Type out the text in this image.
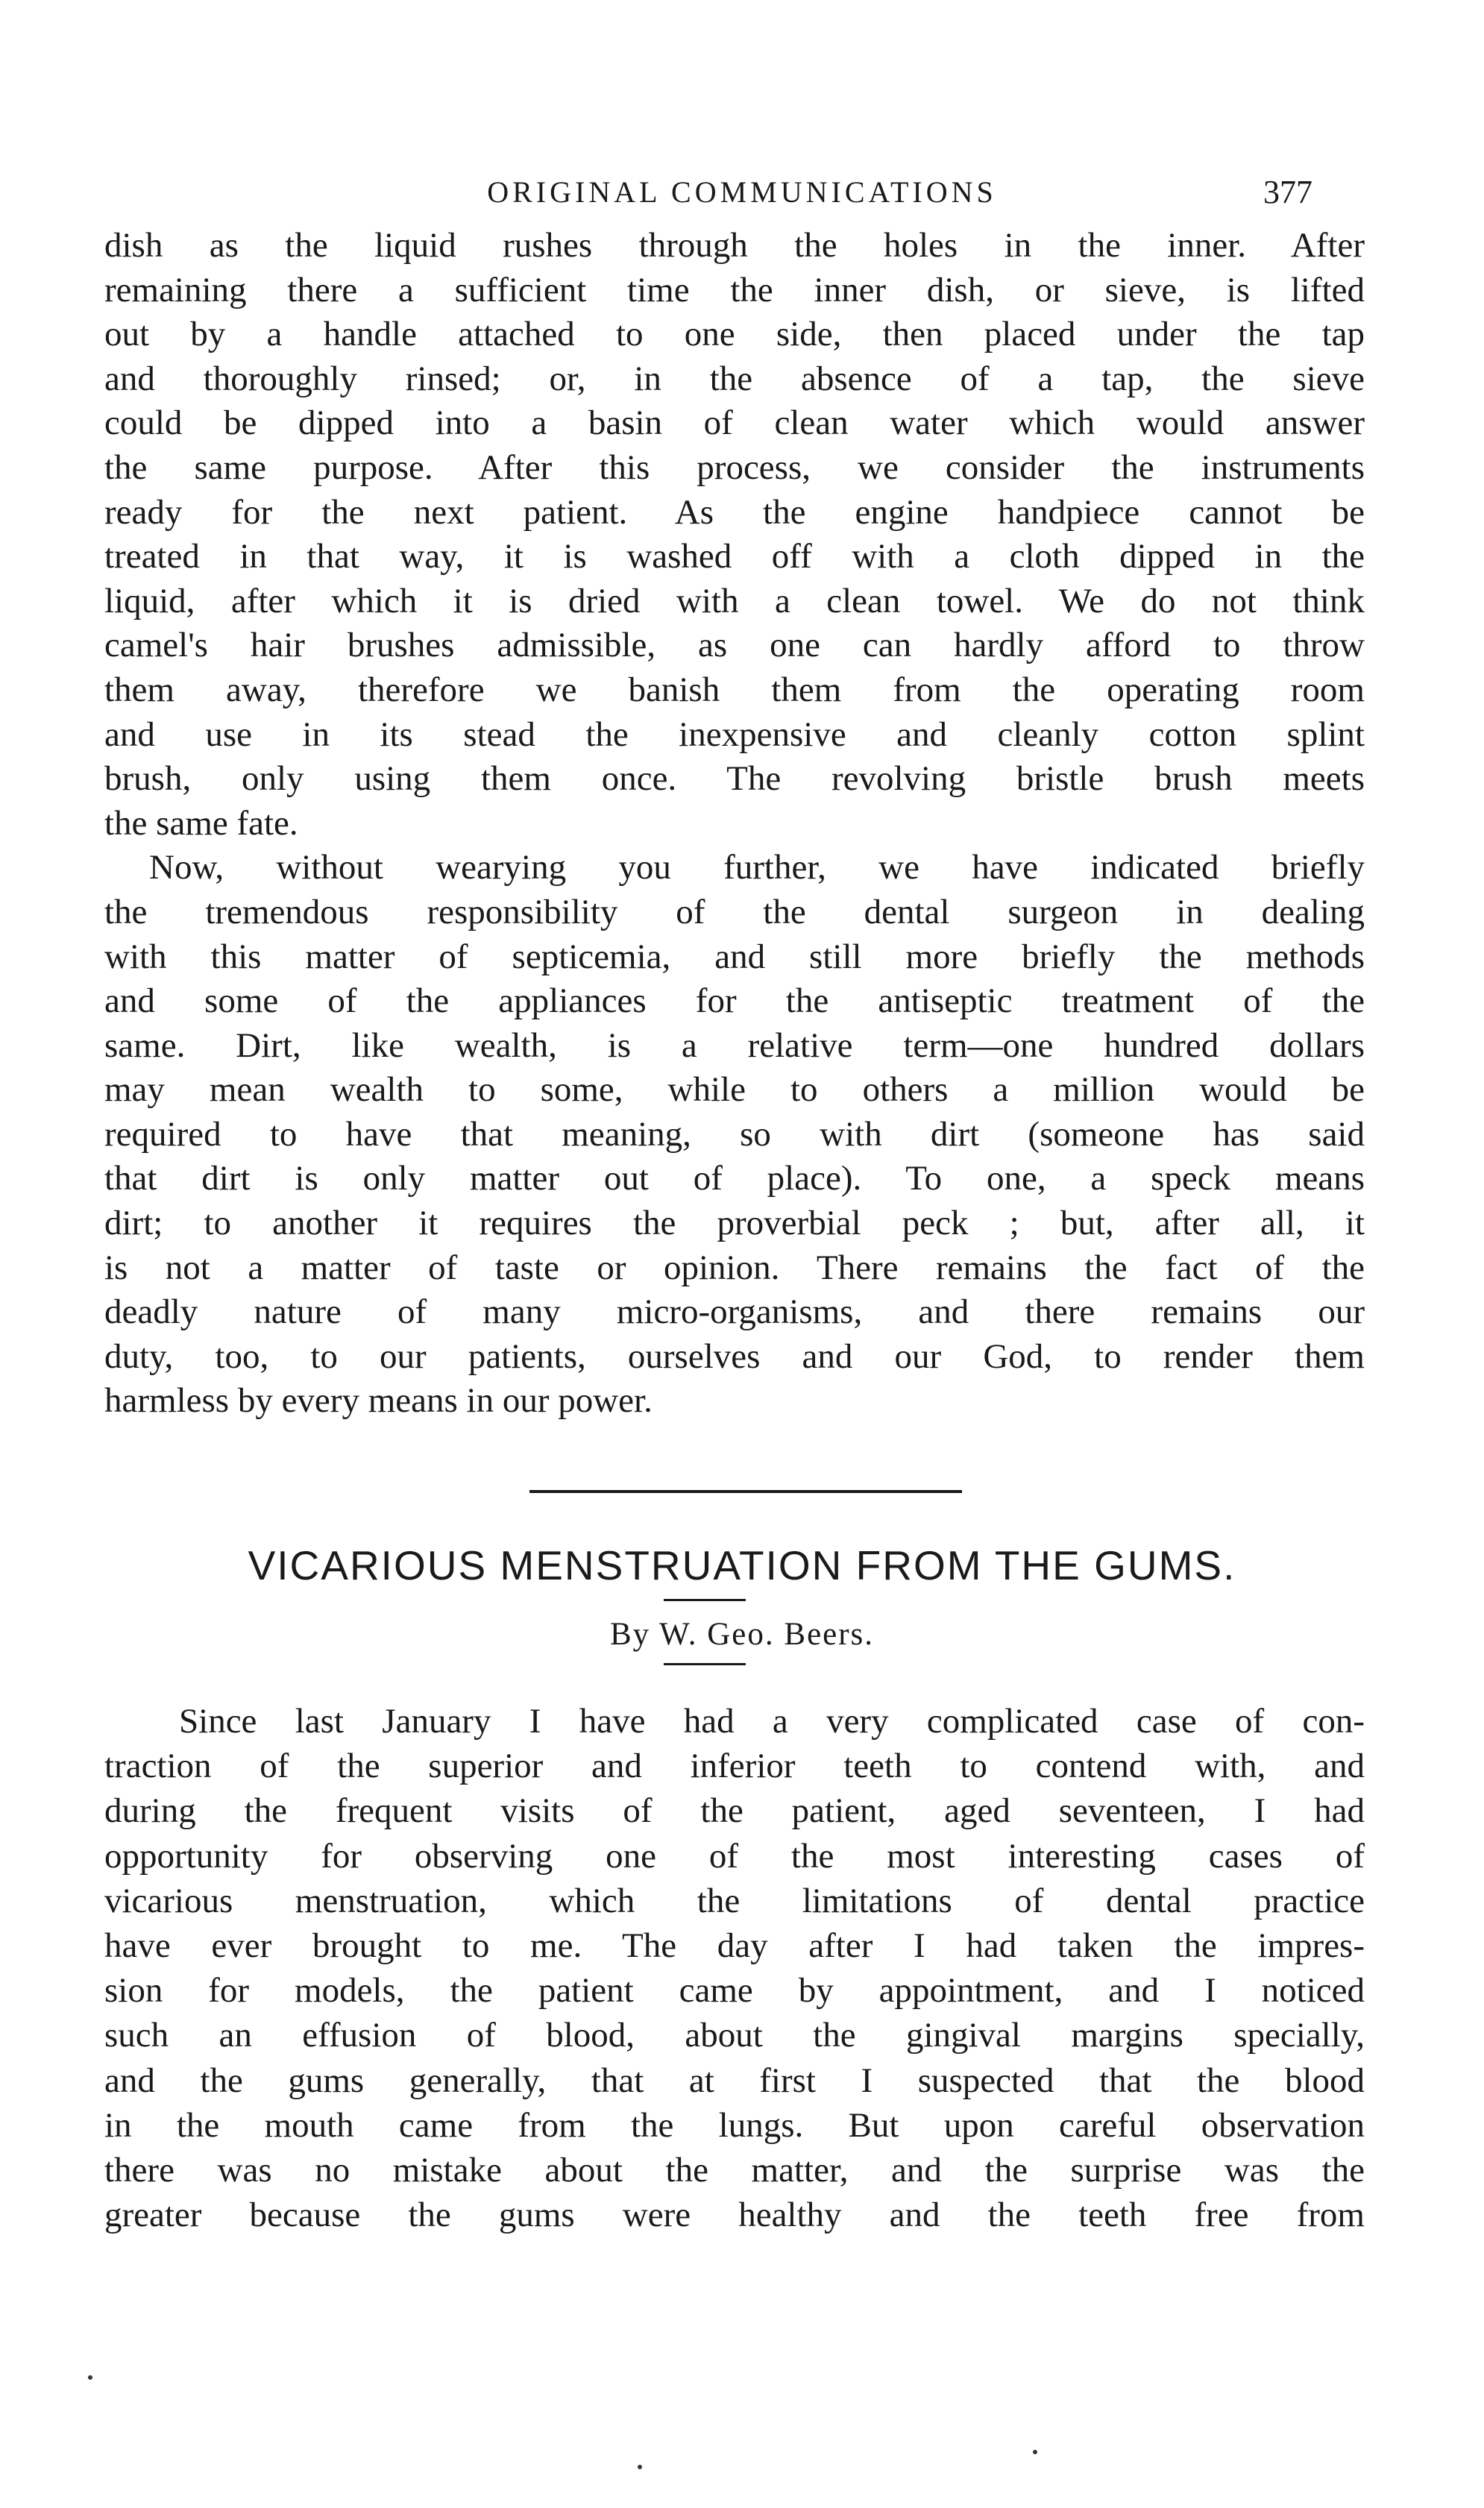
ORIGINAL COMMUNICATIONS	377
dish as the liquid rushes through the holes in the inner. After
remaining there a sufficient time the inner dish, or sieve, is lifted
out by a handle attached to one side, then placed under the tap
and thoroughly rinsed; or, in the absence of a tap, the sieve
could be dipped into a basin of clean water which would answer
the same purpose. After this process, we consider the instruments
ready for the next patient. As the engine handpiece cannot be
treated in that way, it is washed off with a cloth dipped in the
liquid, after which it is dried with a clean towel. We do not think
camel's hair brushes admissible, as one can hardly afford to throw
them away, therefore we banish them from the operating room
and use in its stead the inexpensive and cleanly cotton splint
brush, only using them once. The revolving bristle brush meets
the same fate.
Now, without wearying you further, we have indicated briefly
the tremendous responsibility of the dental surgeon in dealing
with this matter of septicemia, and still more briefly the methods
and some of the appliances for the antiseptic treatment of the
same. Dirt, like wealth, is a relative term—one hundred dollars
may mean wealth to some, while to others a million would be
required to have that meaning, so with dirt (someone has said
that dirt is only matter out of place). To one, a speck means
dirt; to another it requires the proverbial peck ; but, after all, it
is not a matter of taste or opinion. There remains the fact of the
deadly nature of many micro-organisms, and there remains our
duty, too, to our patients, ourselves and our God, to render them
harmless by every means in our power.
VICARIOUS MENSTRUATION FROM THE GUMS.
By W. Geo. Beers.
Since last January I have had a very complicated case of con-
traction of the superior and inferior teeth to contend with, and
during the frequent visits of the patient, aged seventeen, I had
opportunity for observing one of the most interesting cases of
vicarious menstruation, which the limitations of dental practice
have ever brought to me. The day after I had taken the impres-
sion for models, the patient came by appointment, and I noticed
such an effusion of blood, about the gingival margins specially,
and the gums generally, that at first I suspected that the blood
in the mouth came from the lungs. But upon careful observation
there was no mistake about the matter, and the surprise was the
greater because the gums were healthy and the teeth free from
